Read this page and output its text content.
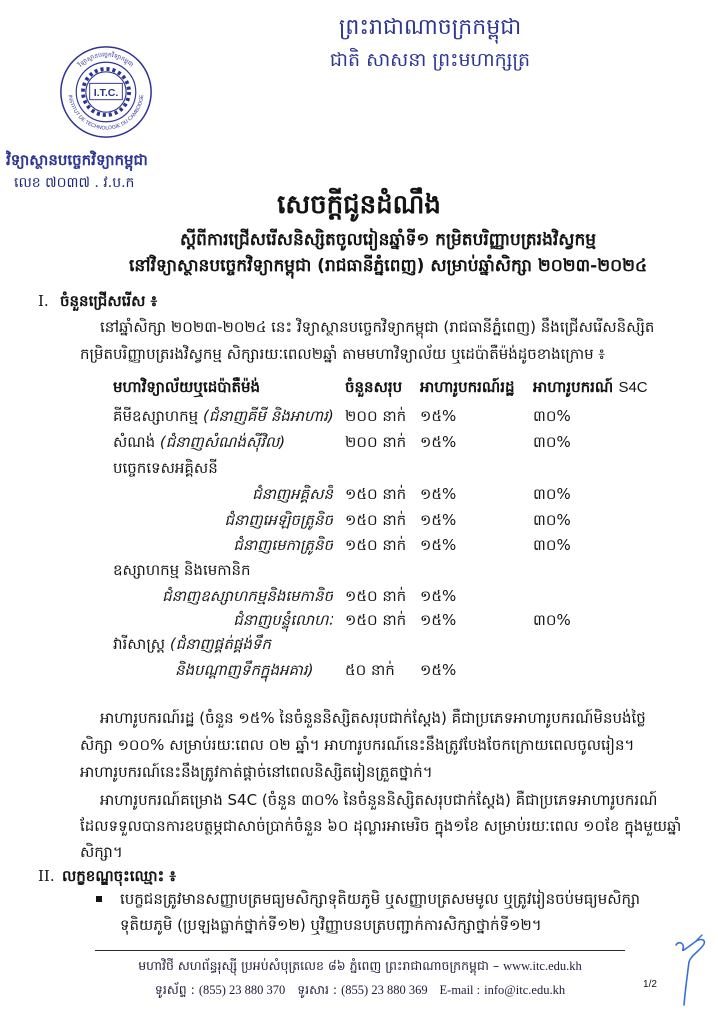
ព្រះរាជាណាចក្រកម្ពុជា
ជាតិ សាសនា ព្រះមហាក្សត្រ
វិទ្យាស្ថានបច្ចេកវិទ្យាកម្ពុជា
INSTITUT DE TECHNOLOGIE DU CAMBODGE
I.T.C.
វិទ្យាស្ថានបច្ចេកវិទ្យាកម្ពុជា
លេខ ៧០៣៧ . វ.ប.ក
សេចក្តីជូនដំណឹង
ស្តីពីការជ្រើសរើសនិស្សិតចូលរៀនឆ្នាំទី១ កម្រិតបរិញ្ញាបត្ររងវិស្វកម្ម
នៅវិទ្យាស្ថានបច្ចេកវិទ្យាកម្ពុជា (រាជធានីភ្នំពេញ) សម្រាប់ឆ្នាំសិក្សា ២០២៣-២០២៤
I. ចំនួនជ្រើសរើស ៖
នៅឆ្នាំសិក្សា ២០២៣-២០២៤ នេះ វិទ្យាស្ថានបច្ចេកវិទ្យាកម្ពុជា (រាជធានីភ្នំពេញ) នឹងជ្រើសរើសនិស្សិត
កម្រិតបរិញ្ញាបត្ររងវិស្វកម្ម សិក្សារយៈពេល២ឆ្នាំ តាមមហាវិទ្យាល័យ ឬដេប៉ាតឺម៉ង់ដូចខាងក្រោម ៖
មហាវិទ្យាល័យឬដេប៉ាតឺម៉ង់	ចំនួនសរុប	អាហារូបករណ៍រដ្ឋ	អាហារូបករណ៍ S4C
គីមីឧស្សាហកម្ម (ជំនាញគីមី និងអាហារ) ២០០ នាក់ ១៥%	៣០%
សំណង់ (ជំនាញសំណង់ស៊ីវិល)	២០០ នាក់ ១៥%	៣០%
បច្ចេកទេសអគ្គិសនី
ជំនាញអគ្គិសនី ១៥០ នាក់ ១៥%	៣០%
ជំនាញអេឡិចត្រូនិច ១៥០ នាក់ ១៥%	៣០%
ជំនាញមេកាត្រូនិច ១៥០ នាក់ ១៥%	៣០%
ឧស្សាហកម្ម និងមេកានិក
ជំនាញឧស្សាហកម្មនិងមេកានិច ១៥០ នាក់ ១៥%
ជំនាញបន្ទុំលោហៈ ១៥០ នាក់ ១៥%	៣០%
វារីសាស្ត្រ (ជំនាញផ្គត់ផ្គង់ទឹក
និងបណ្តាញទឹកក្នុងអគារ)	៥០ នាក់	១៥%
អាហារូបករណ៍រដ្ឋ (ចំនួន ១៥% នៃចំនួននិស្សិតសរុបជាក់ស្តែង) គឺជាប្រភេទអាហារូបករណ៍មិនបង់ថ្លៃ
សិក្សា ១០០% សម្រាប់រយៈពេល ០២ ឆ្នាំ។ អាហារូបករណ៍នេះនឹងត្រូវបែងចែកក្រោយពេលចូលរៀន។
អាហារូបករណ៍នេះនឹងត្រូវកាត់ផ្តាច់នៅពេលនិស្សិតរៀនត្រួតថ្នាក់។
អាហារូបករណ៍គម្រោង S4C (ចំនួន ៣០% នៃចំនួននិស្សិតសរុបជាក់ស្តែង) គឺជាប្រភេទអាហារូបករណ៍
ដែលទទួលបានការឧបត្ថម្ភជាសាច់ប្រាក់ចំនួន ៦០ ដុល្លារអាមេរិច ក្នុង១ខែ សម្រាប់រយៈពេល ១០ខែ ក្នុងមួយឆ្នាំ
សិក្សា។
II. លក្ខខណ្ឌចុះឈ្មោះ ៖
បេក្ខជនត្រូវមានសញ្ញាបត្រមធ្យមសិក្សាទុតិយភូមិ ឬសញ្ញាបត្រសមមូល ឬត្រូវរៀនចប់មធ្យមសិក្សា
ទុតិយភូមិ (ប្រឡងធ្លាក់ថ្នាក់ទី១២) ឬវិញ្ញាបនបត្របញ្ជាក់ការសិក្សាថ្នាក់ទី១២។
មហាវិថី សហព័ន្ធរុស្ស៊ី ប្រអប់សំបុត្រលេខ ៨៦ ភ្នំពេញ ព្រះរាជាណាចក្រកម្ពុជា – www.itc.edu.kh
ទូរស័ព្ទ : (855) 23 880 370 ទូរសារ : (855) 23 880 369 E-mail : info@itc.edu.kh	1/2
